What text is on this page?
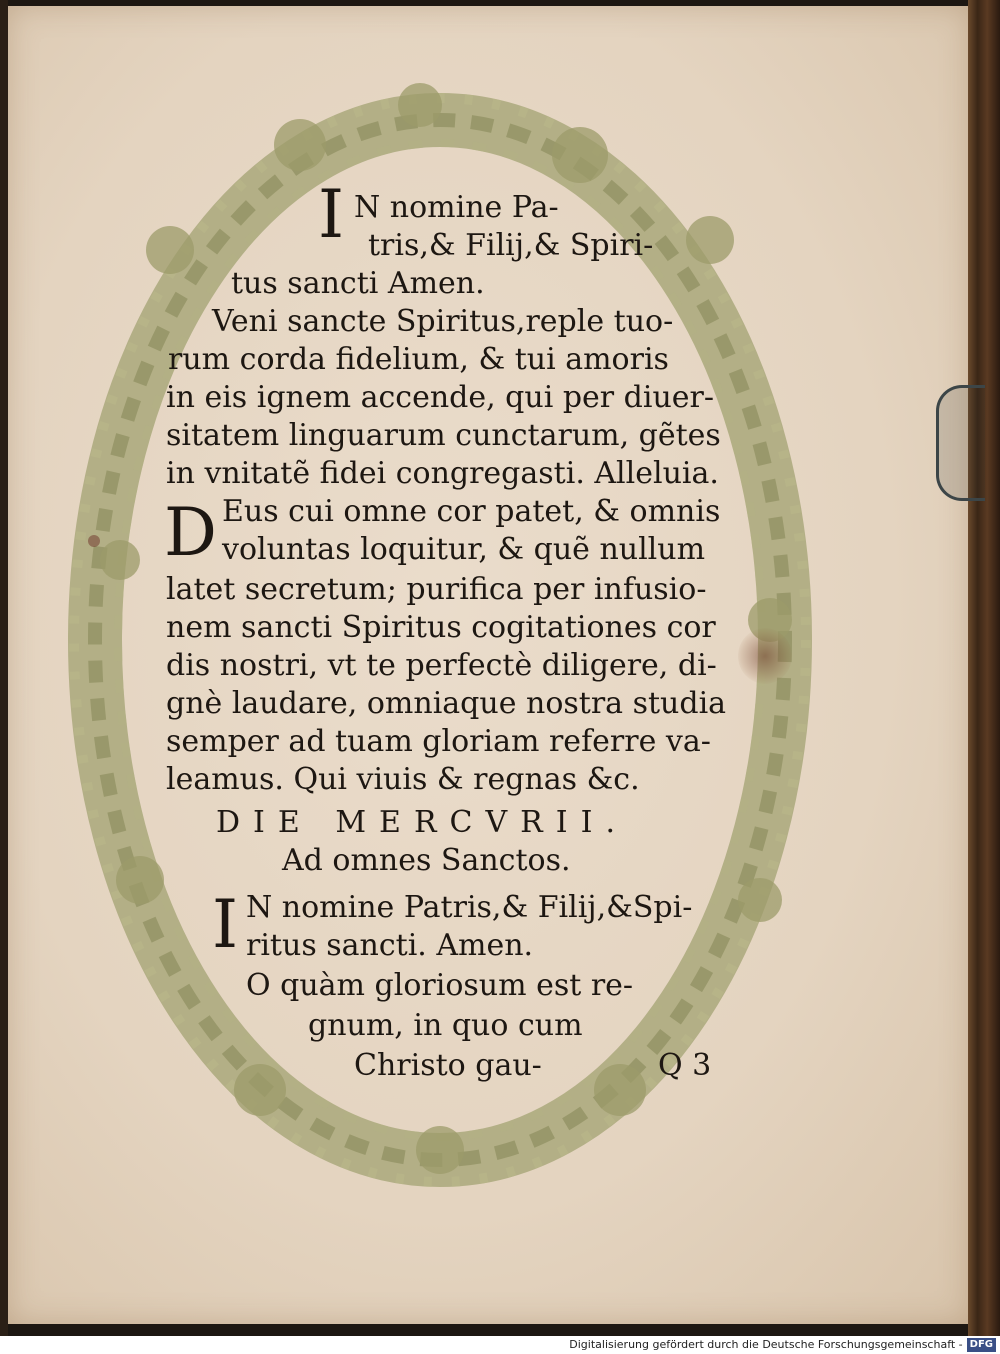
I N nomine Pa-
tris,& Filij,& Spiri-
tus sancti Amen.
Veni sancte Spiritus,reple tuo-
rum corda fidelium, & tui amoris
in eis ignem accende, qui per diuer-
sitatem linguarum cunctarum, gẽtes
in vnitatẽ fidei congregasti. Alleluia.
D Eus cui omne cor patet, & omnis
voluntas loquitur, & quẽ nullum
latet secretum; purifica per infusio-
nem sancti Spiritus cogitationes cor
dis nostri, vt te perfectè diligere, di-
gnè laudare, omniaque nostra studia
semper ad tuam gloriam referre va-
leamus. Qui viuis & regnas &c.
DIE MERCVRII.
Ad omnes Sanctos.
I N nomine Patris,& Filij,&Spi-
ritus sancti. Amen.
O quàm gloriosum est re-
gnum, in quo cum
Christo gau-	Q 3
Digitalisierung gefördert durch die Deutsche Forschungsgemeinschaft - DFG
